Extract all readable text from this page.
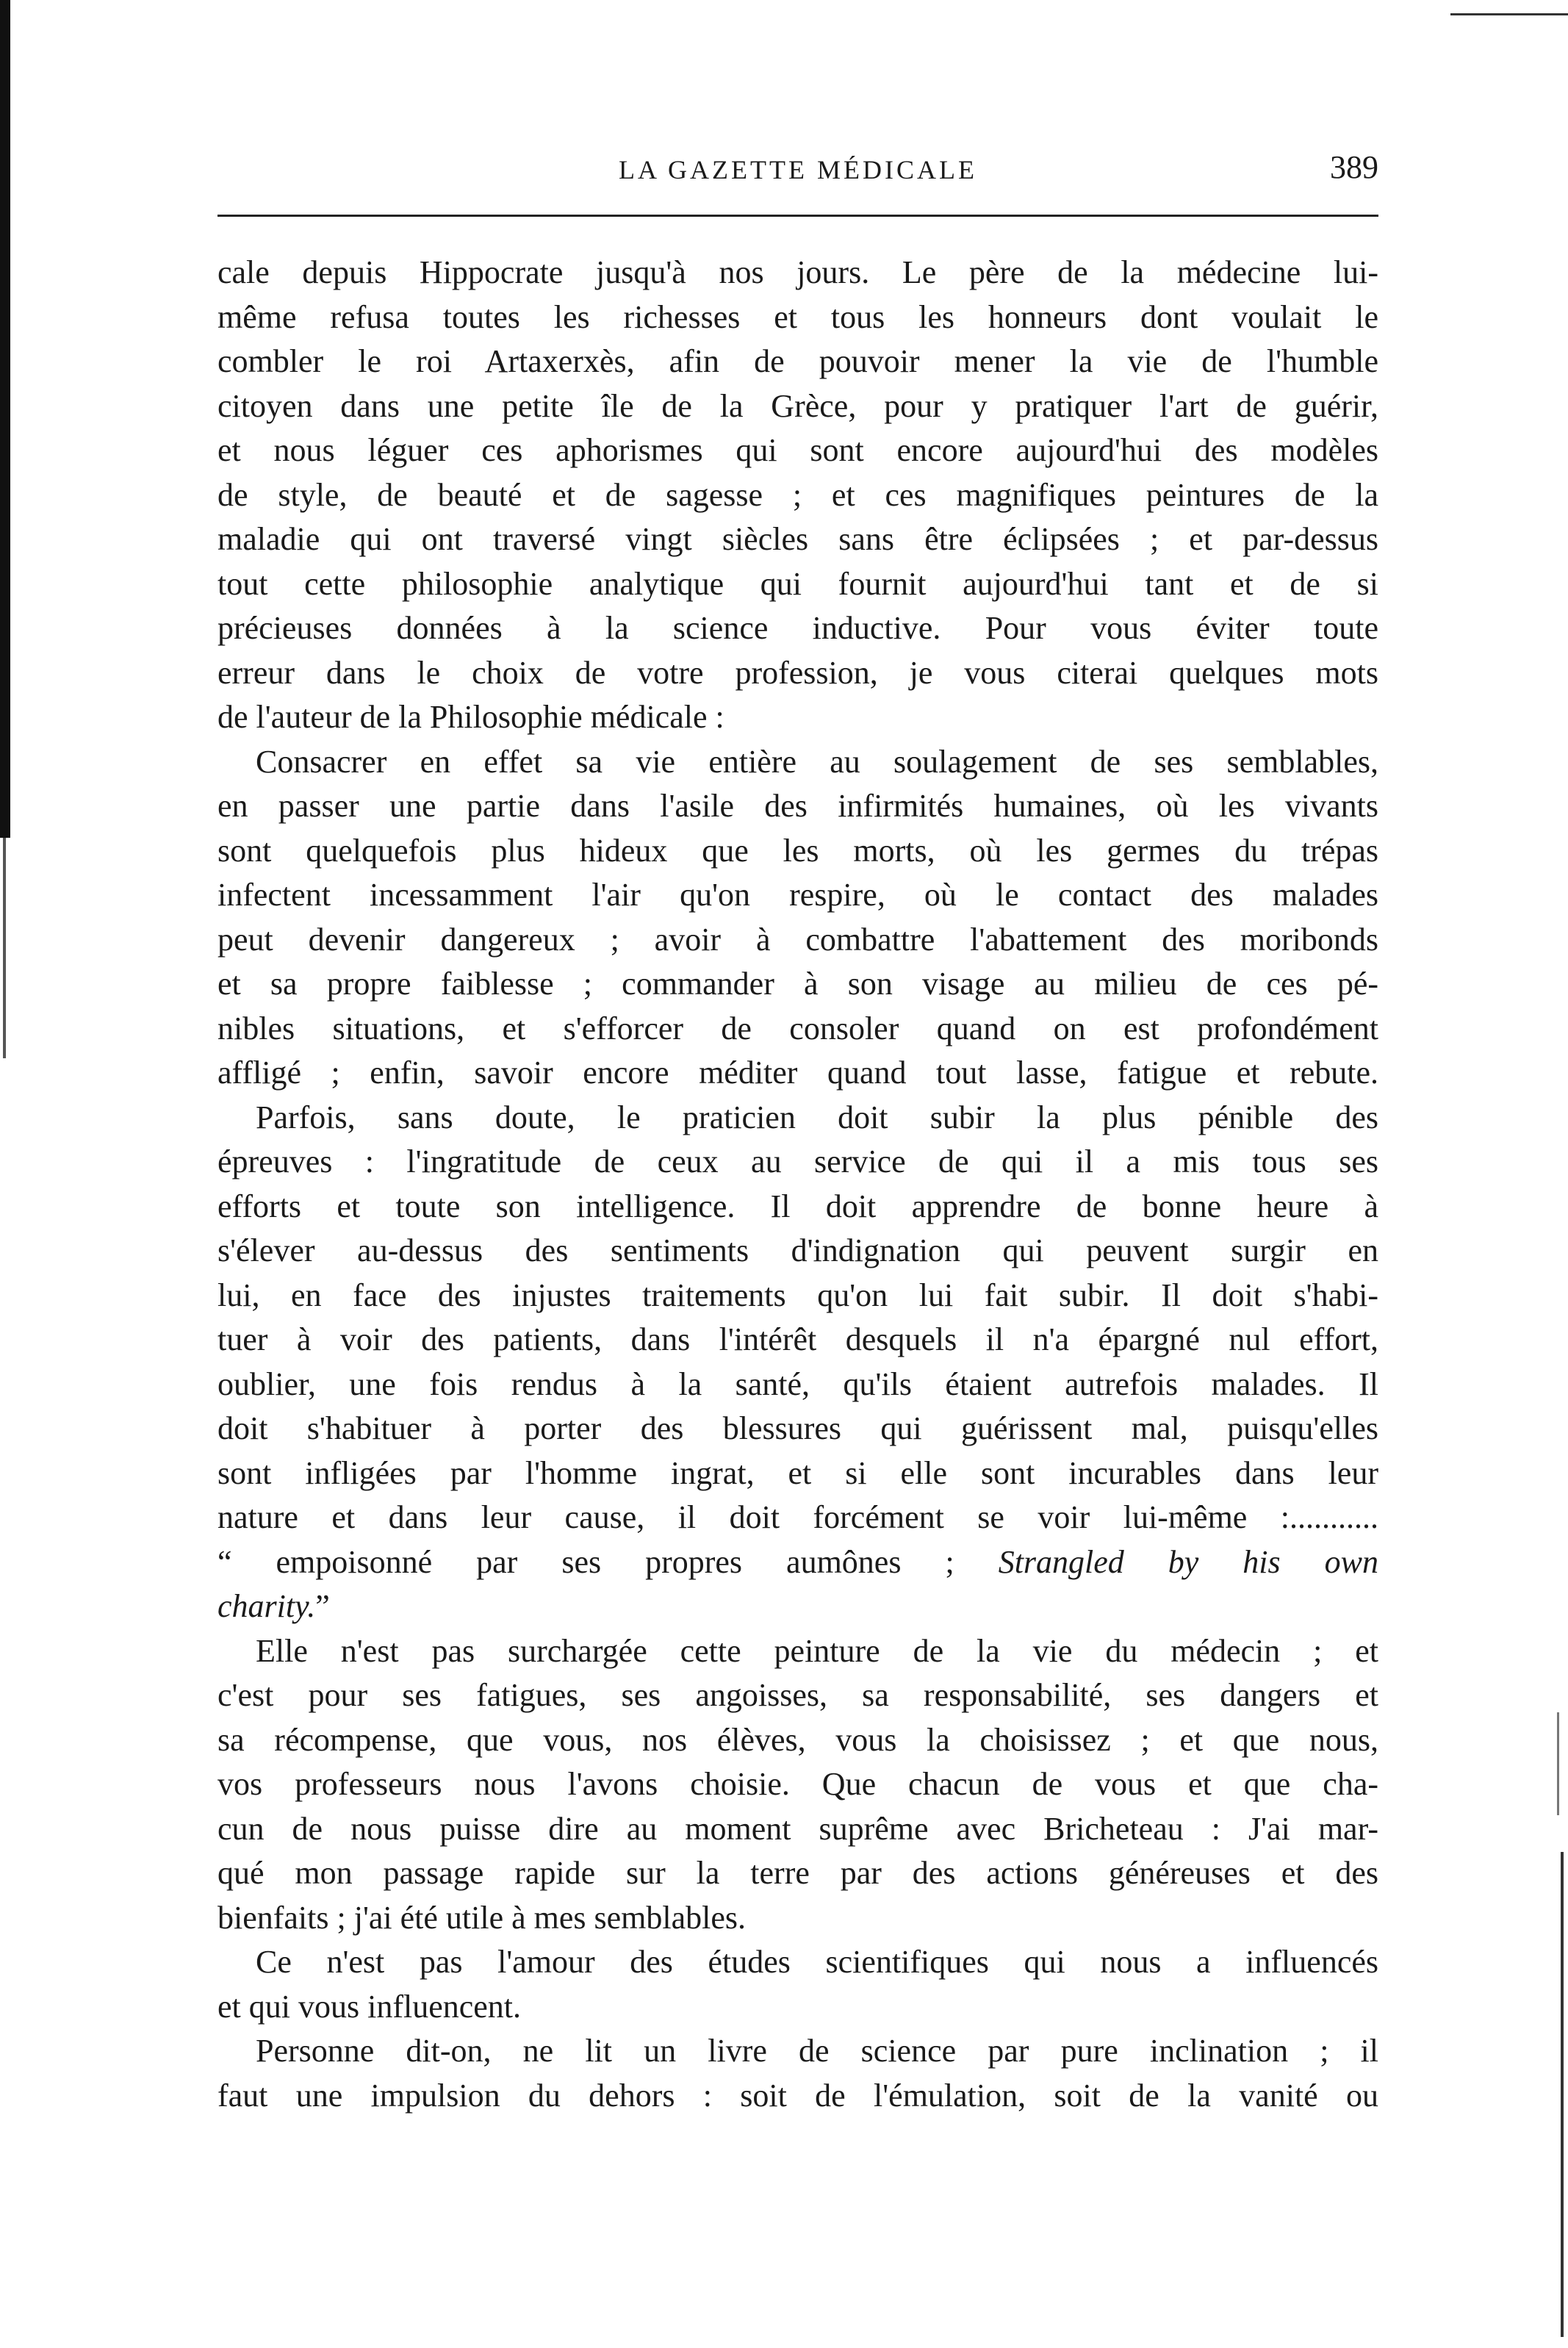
LA GAZETTE MÉDICALE	389

cale depuis Hippocrate jusqu'à nos jours. Le père de la médecine lui-
même refusa toutes les richesses et tous les honneurs dont voulait le
combler le roi Artaxerxès, afin de pouvoir mener la vie de l'humble
citoyen dans une petite île de la Grèce, pour y pratiquer l'art de guérir,
et nous léguer ces aphorismes qui sont encore aujourd'hui des modèles
de style, de beauté et de sagesse ; et ces magnifiques peintures de la
maladie qui ont traversé vingt siècles sans être éclipsées ; et par-dessus
tout cette philosophie analytique qui fournit aujourd'hui tant et de si
précieuses données à la science inductive. Pour vous éviter toute
erreur dans le choix de votre profession, je vous citerai quelques mots
de l'auteur de la Philosophie médicale :

Consacrer en effet sa vie entière au soulagement de ses semblables,
en passer une partie dans l'asile des infirmités humaines, où les vivants
sont quelquefois plus hideux que les morts, où les germes du trépas
infectent incessamment l'air qu'on respire, où le contact des malades
peut devenir dangereux ; avoir à combattre l'abattement des moribonds
et sa propre faiblesse ; commander à son visage au milieu de ces pé-
nibles situations, et s'efforcer de consoler quand on est profondément
affligé ; enfin, savoir encore méditer quand tout lasse, fatigue et rebute.

Parfois, sans doute, le praticien doit subir la plus pénible des
épreuves : l'ingratitude de ceux au service de qui il a mis tous ses
efforts et toute son intelligence. Il doit apprendre de bonne heure à
s'élever au-dessus des sentiments d'indignation qui peuvent surgir en
lui, en face des injustes traitements qu'on lui fait subir. Il doit s'habi-
tuer à voir des patients, dans l'intérêt desquels il n'a épargné nul effort,
oublier, une fois rendus à la santé, qu'ils étaient autrefois malades. Il
doit s'habituer à porter des blessures qui guérissent mal, puisqu'elles
sont infligées par l'homme ingrat, et si elle sont incurables dans leur
nature et dans leur cause, il doit forcément se voir lui-même :...........
“ empoisonné par ses propres aumônes ; Strangled by his own
charity.”

Elle n'est pas surchargée cette peinture de la vie du médecin ; et
c'est pour ses fatigues, ses angoisses, sa responsabilité, ses dangers et
sa récompense, que vous, nos élèves, vous la choisissez ; et que nous,
vos professeurs nous l'avons choisie. Que chacun de vous et que cha-
cun de nous puisse dire au moment suprême avec Bricheteau : J'ai mar-
qué mon passage rapide sur la terre par des actions généreuses et des
bienfaits ; j'ai été utile à mes semblables.

Ce n'est pas l'amour des études scientifiques qui nous a influencés
et qui vous influencent.

Personne dit-on, ne lit un livre de science par pure inclination ; il
faut une impulsion du dehors : soit de l'émulation, soit de la vanité ou
